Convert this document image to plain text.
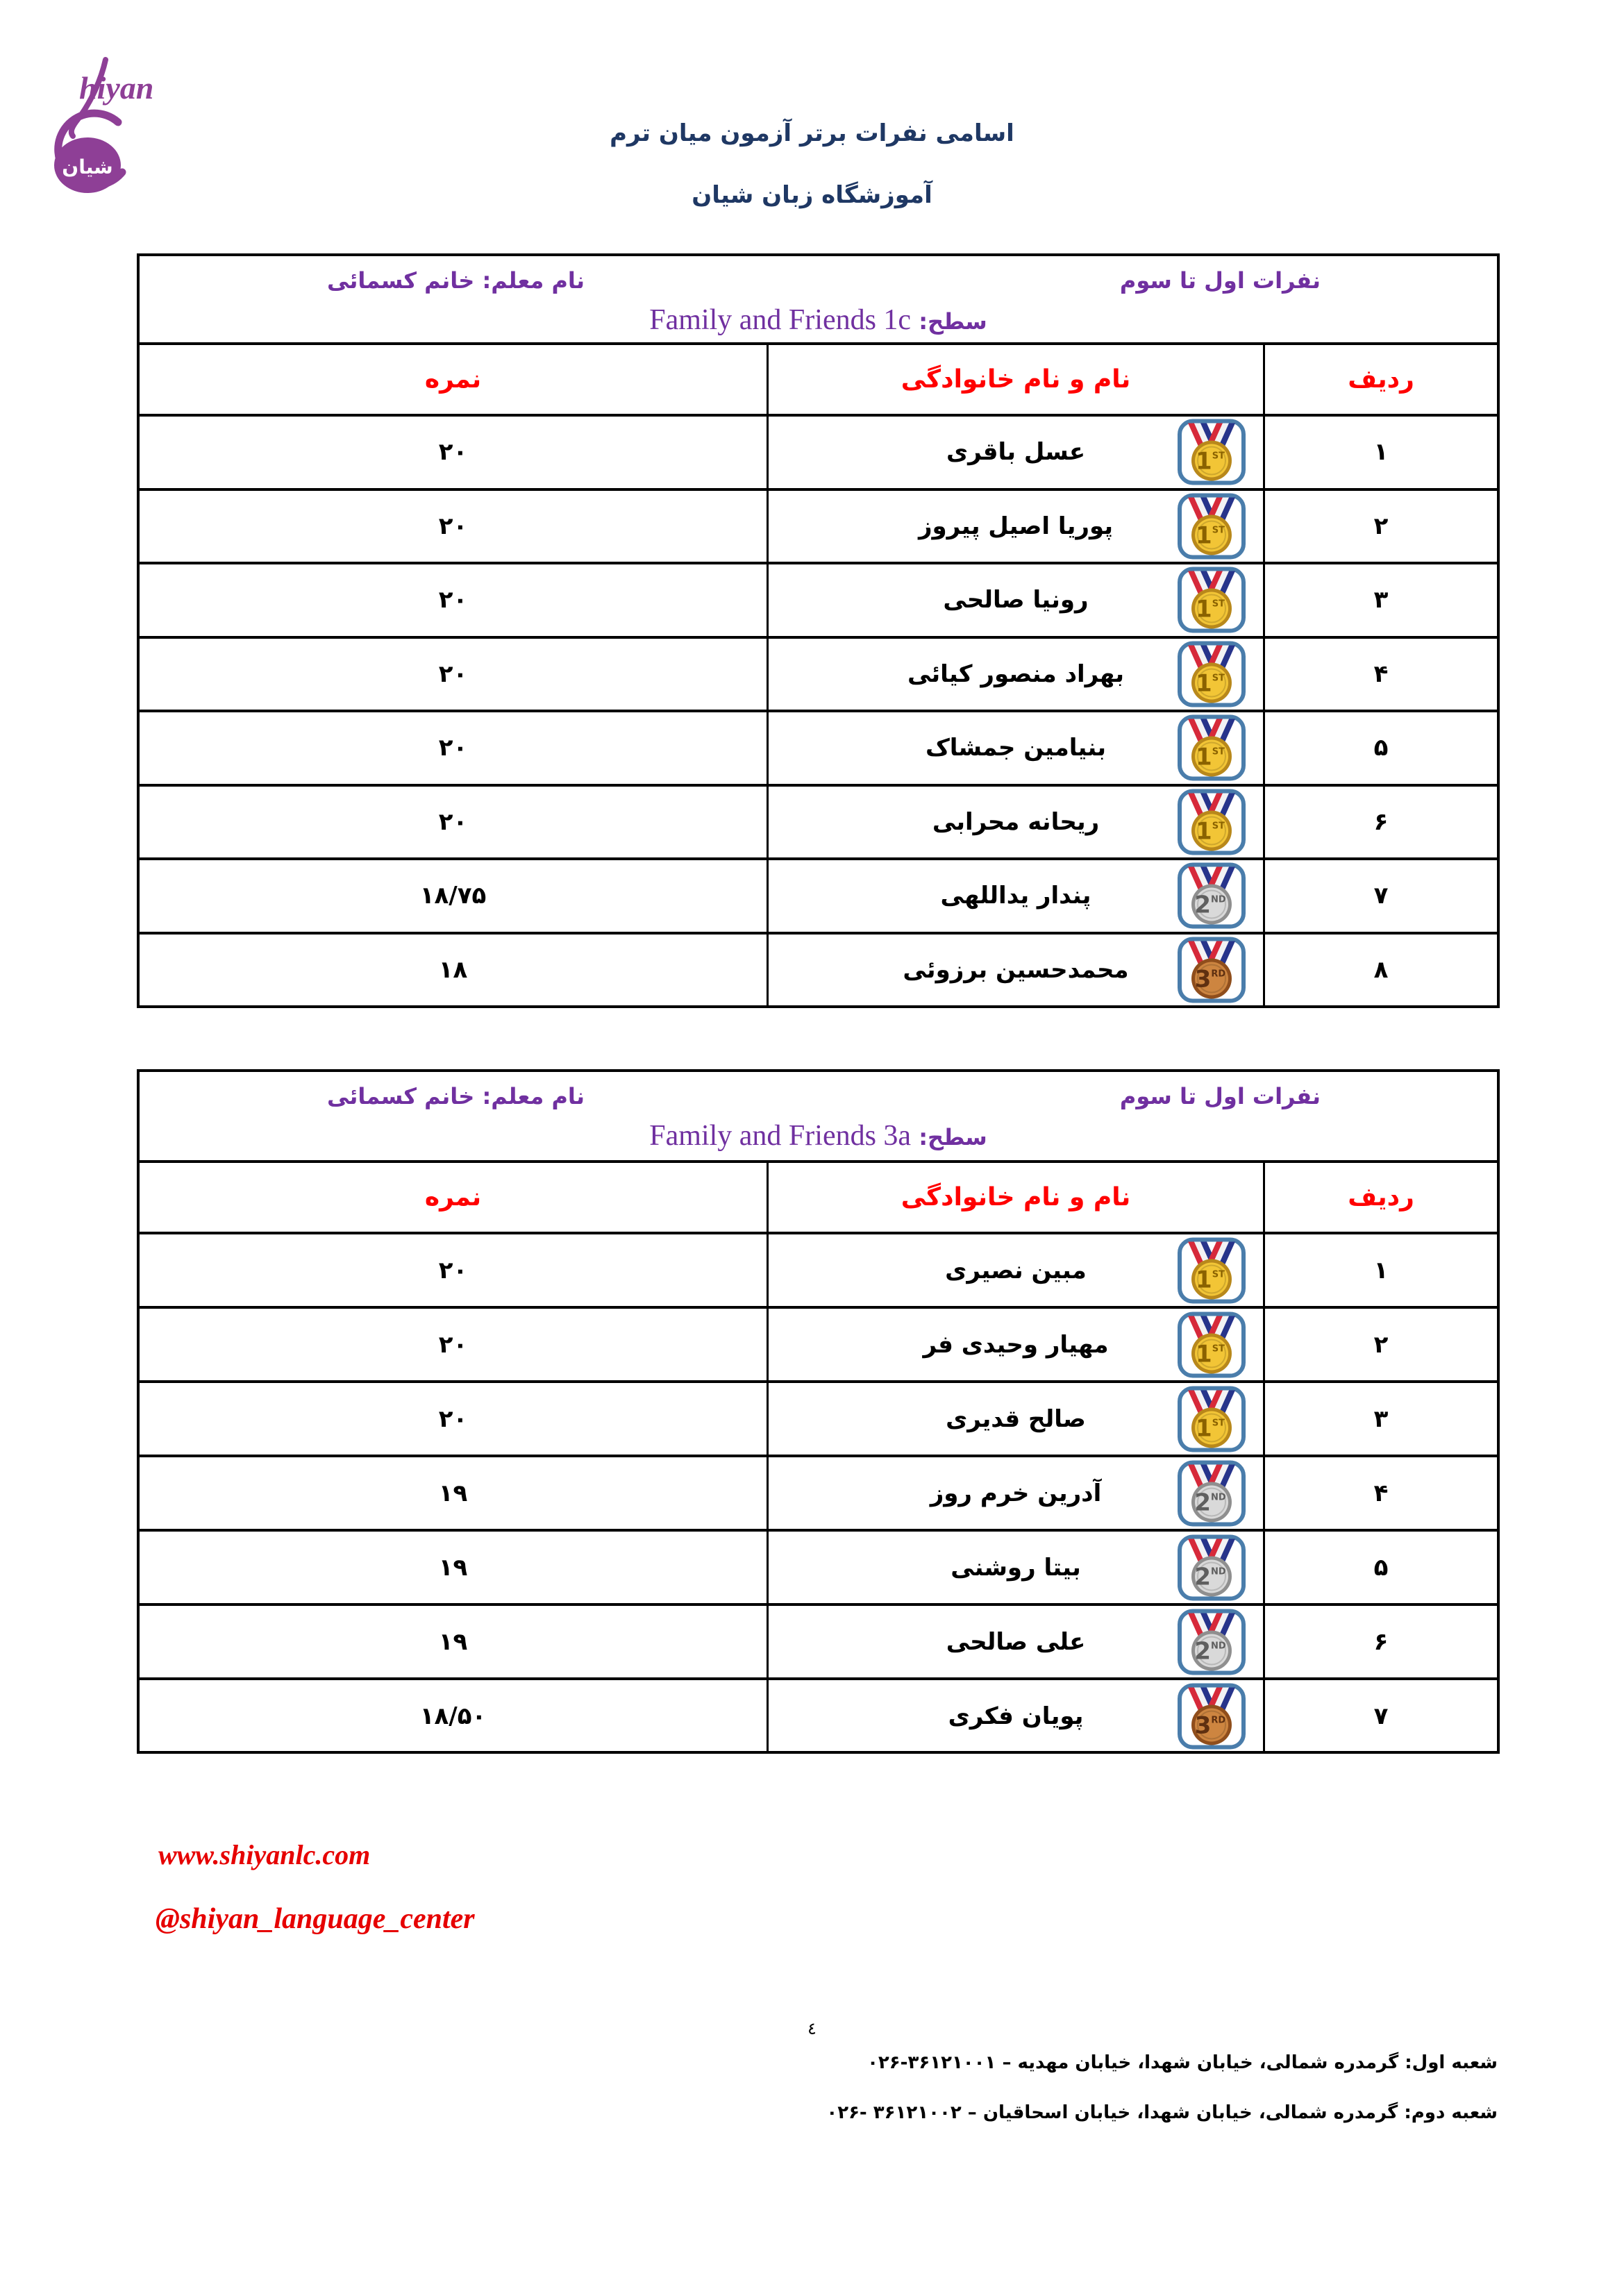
شیان
hiyan
اسامی نفرات برتر آزمون میان ترم
آموزشگاه زبان شیان
نفرات اول تا سوم
نام معلم: خانم کسمائی
سطح: Family and Friends 1c
ردیف
نام و نام خانوادگی
نمره
۱
1ST
عسل باقری
۲۰
۲
1ST
پوریا اصیل پیروز
۲۰
۳
1ST
رونیا صالحی
۲۰
۴
1ST
بهراد منصور کیائی
۲۰
۵
1ST
بنیامین جمشاک
۲۰
۶
1ST
ریحانه محرابی
۲۰
۷
2ND
پندار یداللهی
۱۸/۷۵
۸
3RD
محمدحسین برزوئی
۱۸
نفرات اول تا سوم
نام معلم: خانم کسمائی
سطح: Family and Friends 3a
ردیف
نام و نام خانوادگی
نمره
۱
1ST
مبین نصیری
۲۰
۲
1ST
مهیار وحیدی فر
۲۰
۳
1ST
صالح قدیری
۲۰
۴
2ND
آدرین خرم روز
۱۹
۵
2ND
بیتا روشنی
۱۹
۶
2ND
علی صالحی
۱۹
۷
3RD
پویان فکری
۱۸/۵۰
www.shiyanlc.com
@shiyan_language_center
٤
شعبه اول: گرمدره شمالی، خیابان شهدا، خیابان مهدیه – ۰۲۶-۳۶۱۲۱۰۰۱
شعبه دوم: گرمدره شمالی، خیابان شهدا، خیابان اسحاقیان – ۰۲۶- ۳۶۱۲۱۰۰۲
